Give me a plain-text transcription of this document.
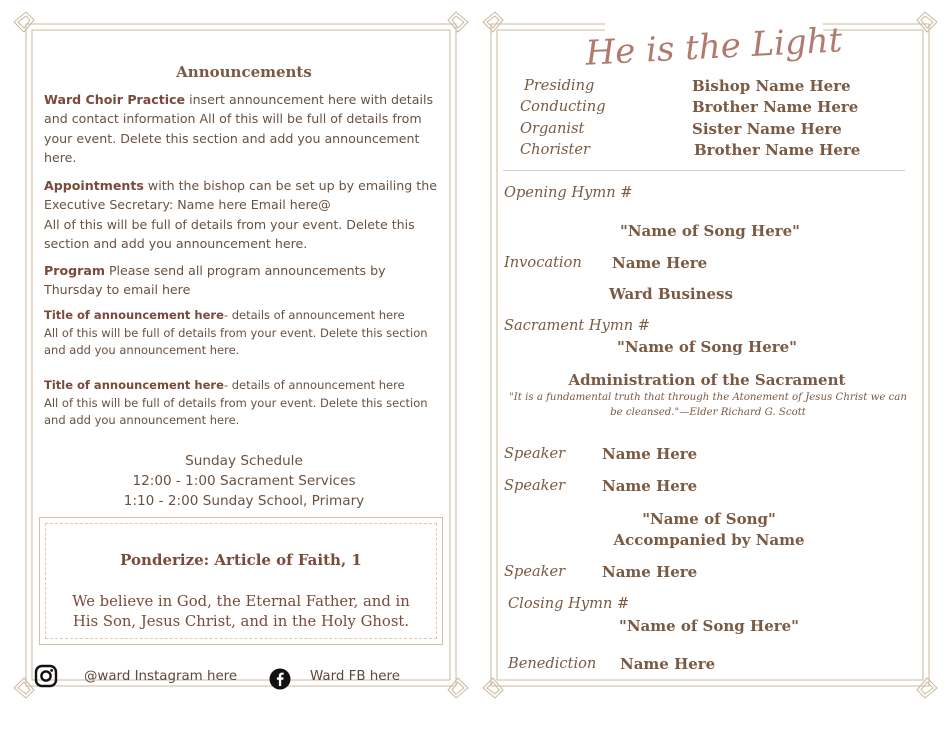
Announcements
Ward Choir Practice insert announcement here with details and contact information All of this will be full of details from your event. Delete this section and add you announcement here.
Appointments with the bishop can be set up by emailing the Executive Secretary: Name here Email here@
All of this will be full of details from your event. Delete this section and add you announcement here.
Program Please send all program announcements by Thursday to email here
Title of announcement here- details of announcement here
All of this will be full of details from your event. Delete this section and add you announcement here.
Title of announcement here- details of announcement here
All of this will be full of details from your event. Delete this section and add you announcement here.
Sunday Schedule
12:00 - 1:00 Sacrament Services
1:10 - 2:00 Sunday School, Primary
Ponderize: Article of Faith, 1
We believe in God, the Eternal Father, and in
His Son, Jesus Christ, and in the Holy Ghost.
@ward Instagram here	Ward FB here
He is the Light
Presiding	Bishop Name Here
Conducting	Brother Name Here
Organist	Sister Name Here
Chorister	Brother Name Here
Opening Hymn #
"Name of Song Here"
Invocation Name Here
Ward Business
Sacrament Hymn #
"Name of Song Here"
Administration of the Sacrament
"It is a fundamental truth that through the Atonement of Jesus Christ we can be cleansed."—Elder Richard G. Scott
Speaker Name Here
Speaker Name Here
"Name of Song"
Accompanied by Name
Speaker Name Here
Closing Hymn #
"Name of Song Here"
Benediction Name Here
